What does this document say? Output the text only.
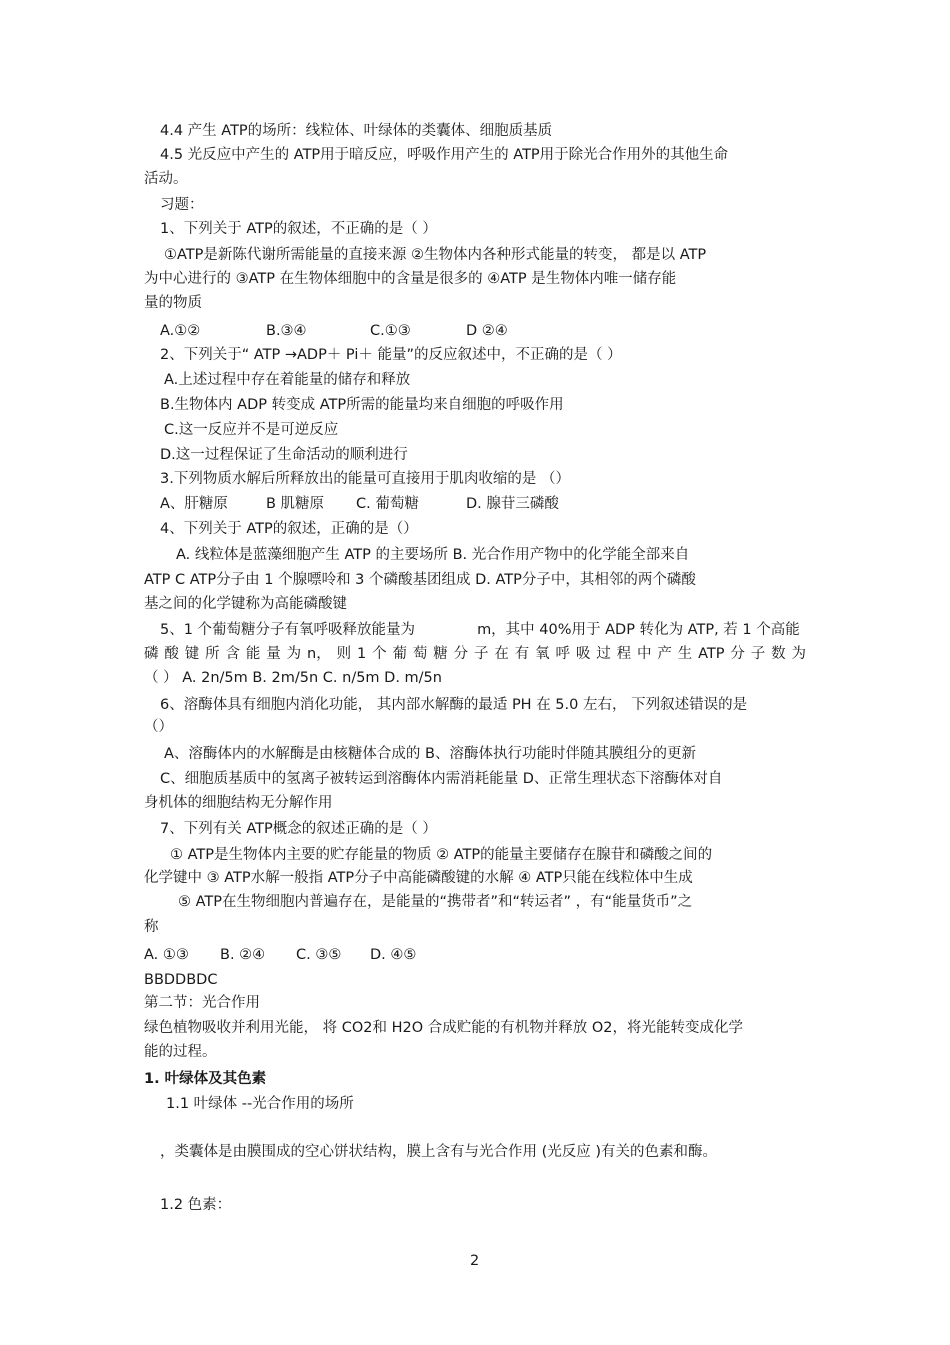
4.4 产生 ATP的场所：线粒体、叶绿体的类囊体、细胞质基质
4.5 光反应中产生的 ATP用于暗反应，呼吸作用产生的 ATP用于除光合作用外的其他生命
活动。
习题：
1、下列关于 ATP的叙述，不正确的是（ ）
①ATP是新陈代谢所需能量的直接来源 ②生物体内各种形式能量的转变， 都是以 ATP
为中心进行的 ③ATP 在生物体细胞中的含量是很多的 ④ATP 是生物体内唯一储存能
量的物质
A.①②	B.③④	C.①③	D ②④
2、下列关于“ ATP →ADP＋ Pi＋ 能量”的反应叙述中，不正确的是（ ）
A.上述过程中存在着能量的储存和释放
B.生物体内 ADP 转变成 ATP所需的能量均来自细胞的呼吸作用
C.这一反应并不是可逆反应
D.这一过程保证了生命活动的顺利进行
3.下列物质水解后所释放出的能量可直接用于肌肉收缩的是 （）
A、肝糖原	B 肌糖原 C. 葡萄糖	D. 腺苷三磷酸
4、下列关于 ATP的叙述，正确的是（）
A. 线粒体是蓝藻细胞产生 ATP 的主要场所 B. 光合作用产物中的化学能全部来自
ATP C ATP分子由 1 个腺嘌呤和 3 个磷酸基团组成 D. ATP分子中，其相邻的两个磷酸
基之间的化学键称为高能磷酸键
5、1 个葡萄糖分子有氧呼吸释放能量为	m，其中 40%用于 ADP 转化为 ATP, 若 1 个高能
磷 酸 键 所 含 能 量 为 n， 则 1 个 葡 萄 糖 分 子 在 有 氧 呼 吸 过 程 中 产 生 ATP 分 子 数 为
（ ） A. 2n/5m B. 2m/5n C. n/5m D. m/5n
6、溶酶体具有细胞内消化功能， 其内部水解酶的最适 PH 在 5.0 左右， 下列叙述错误的是
（）
A、溶酶体内的水解酶是由核糖体合成的 B、溶酶体执行功能时伴随其膜组分的更新
C、细胞质基质中的氢离子被转运到溶酶体内需消耗能量 D、正常生理状态下溶酶体对自
身机体的细胞结构无分解作用
7、下列有关 ATP概念的叙述正确的是（ ）
① ATP是生物体内主要的贮存能量的物质 ② ATP的能量主要储存在腺苷和磷酸之间的
化学键中 ③ ATP水解一般指 ATP分子中高能磷酸键的水解 ④ ATP只能在线粒体中生成
⑤ ATP在生物细胞内普遍存在，是能量的“携带者”和“转运者” ，有“能量货币”之
称
A. ①③ B. ②④ C. ③⑤ D. ④⑤
BBDDBDC
第二节：光合作用
绿色植物吸收并利用光能， 将 CO2和 H2O 合成贮能的有机物并释放 O2，将光能转变成化学
能的过程。
1. 叶绿体及其色素
1.1 叶绿体 --光合作用的场所
，类囊体是由膜围成的空心饼状结构，膜上含有与光合作用 (光反应 )有关的色素和酶。
1.2 色素：
2
